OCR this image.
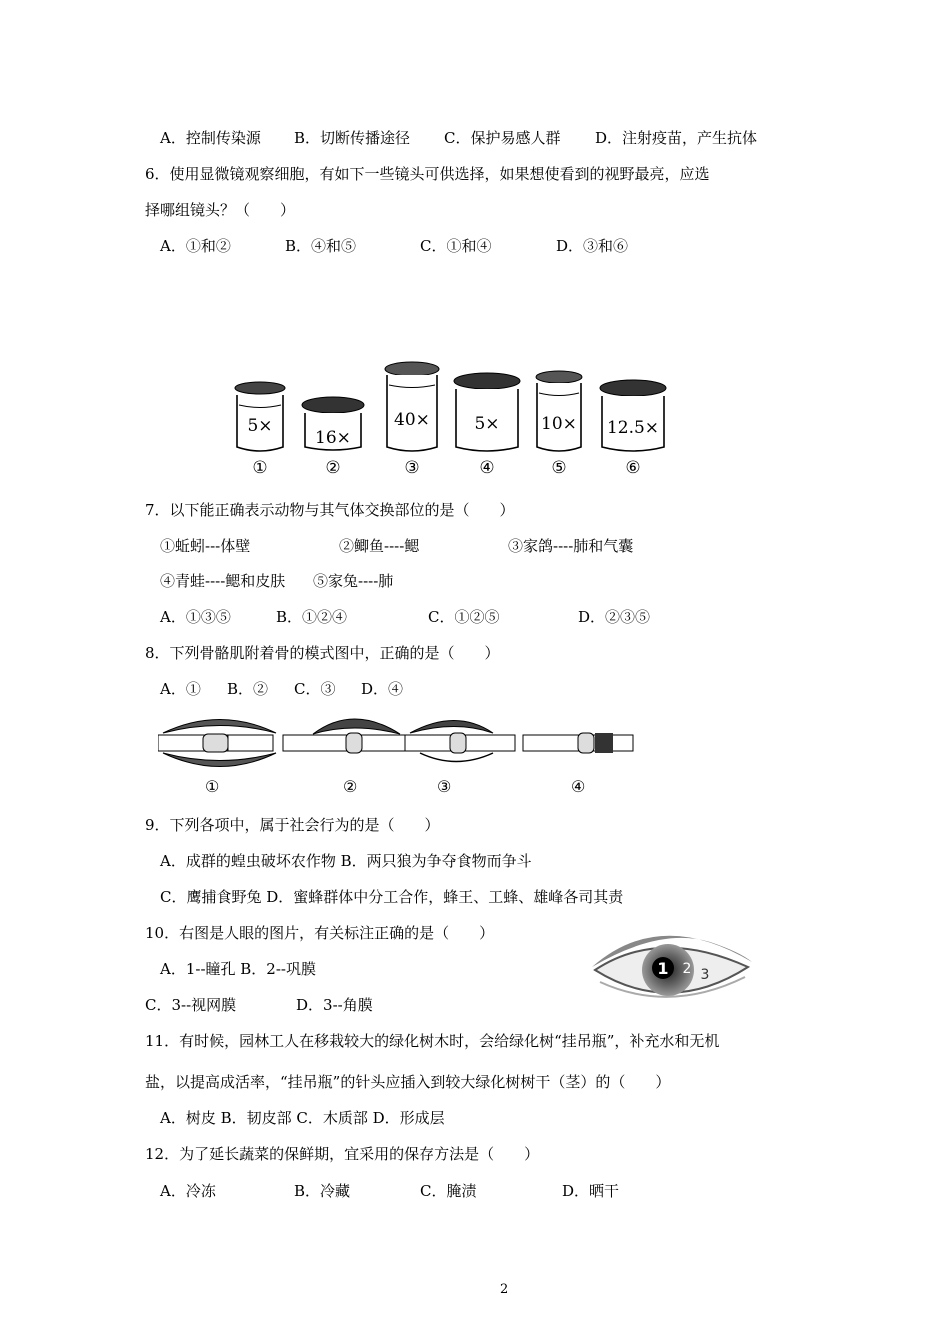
A．控制传染源 B．切断传播途径 C．保护易感人群 D．注射疫苗，产生抗体
6．使用显微镜观察细胞，有如下一些镜头可供选择，如果想使看到的视野最亮，应选
择哪组镜头？（　　）
A．①和②	B．④和⑤	C．①和④	D．③和⑥
5×
①
16×
②
40×
③
5×
④
10×
⑤
12.5×
⑥
7．以下能正确表示动物与其气体交换部位的是（　　）
①蚯蚓---体壁	②鲫鱼----鳃	③家鸽----肺和气囊
④青蛙----鳃和皮肤 ⑤家兔----肺
A．①③⑤	B．①②④	C．①②⑤	D．②③⑤
8．下列骨骼肌附着骨的模式图中，正确的是（　　）
A．① B．② C．③ D．④
①	②	③	④
9．下列各项中，属于社会行为的是（　　）
A．成群的蝗虫破坏农作物 B．两只狼为争夺食物而争斗
C．鹰捕食野兔 D．蜜蜂群体中分工合作，蜂王、工蜂、雄峰各司其责
10．右图是人眼的图片，有关标注正确的是（　　）
A．1--瞳孔 B．2--巩膜
C．3--视网膜	D．3--角膜
1 2 3
11．有时候，园林工人在移栽较大的绿化树木时，会给绿化树“挂吊瓶”，补充水和无机
盐，以提高成活率，“挂吊瓶”的针头应插入到较大绿化树树干（茎）的（　　）
A．树皮 B．韧皮部 C．木质部 D．形成层
12．为了延长蔬菜的保鲜期，宜采用的保存方法是（　　）
A．冷冻	B．冷藏	C．腌渍	D．晒干
2
